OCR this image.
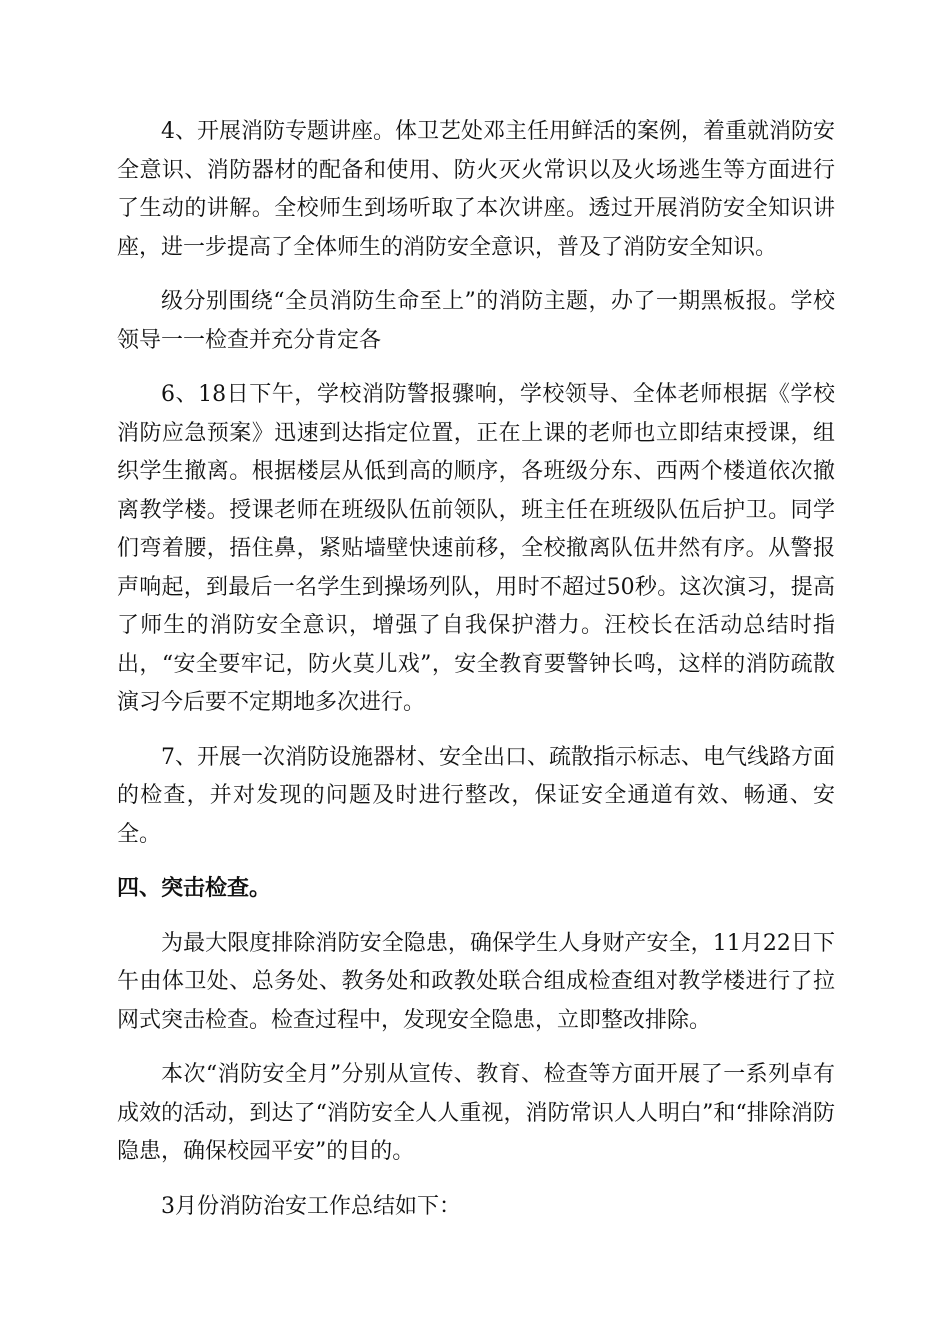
4、开展消防专题讲座。体卫艺处邓主任用鲜活的案例，着重就消防安全意识、消防器材的配备和使用、防火灭火常识以及火场逃生等方面进行了生动的讲解。全校师生到场听取了本次讲座。透过开展消防安全知识讲座，进一步提高了全体师生的消防安全意识，普及了消防安全知识。

级分别围绕“全员消防生命至上”的消防主题，办了一期黑板报。学校领导一一检查并充分肯定各

6、18日下午，学校消防警报骤响，学校领导、全体老师根据《学校消防应急预案》迅速到达指定位置，正在上课的老师也立即结束授课，组织学生撤离。根据楼层从低到高的顺序，各班级分东、西两个楼道依次撤离教学楼。授课老师在班级队伍前领队，班主任在班级队伍后护卫。同学们弯着腰，捂住鼻，紧贴墙壁快速前移，全校撤离队伍井然有序。从警报声响起，到最后一名学生到操场列队，用时不超过50秒。这次演习，提高了师生的消防安全意识，增强了自我保护潜力。汪校长在活动总结时指出，“安全要牢记，防火莫儿戏”，安全教育要警钟长鸣，这样的消防疏散演习今后要不定期地多次进行。

7、开展一次消防设施器材、安全出口、疏散指示标志、电气线路方面的检查，并对发现的问题及时进行整改，保证安全通道有效、畅通、安全。

四、突击检查。

为最大限度排除消防安全隐患，确保学生人身财产安全，11月22日下午由体卫处、总务处、教务处和政教处联合组成检查组对教学楼进行了拉网式突击检查。检查过程中，发现安全隐患，立即整改排除。

本次“消防安全月”分别从宣传、教育、检查等方面开展了一系列卓有成效的活动，到达了“消防安全人人重视，消防常识人人明白”和“排除消防隐患，确保校园平安”的目的。

3月份消防治安工作总结如下：
